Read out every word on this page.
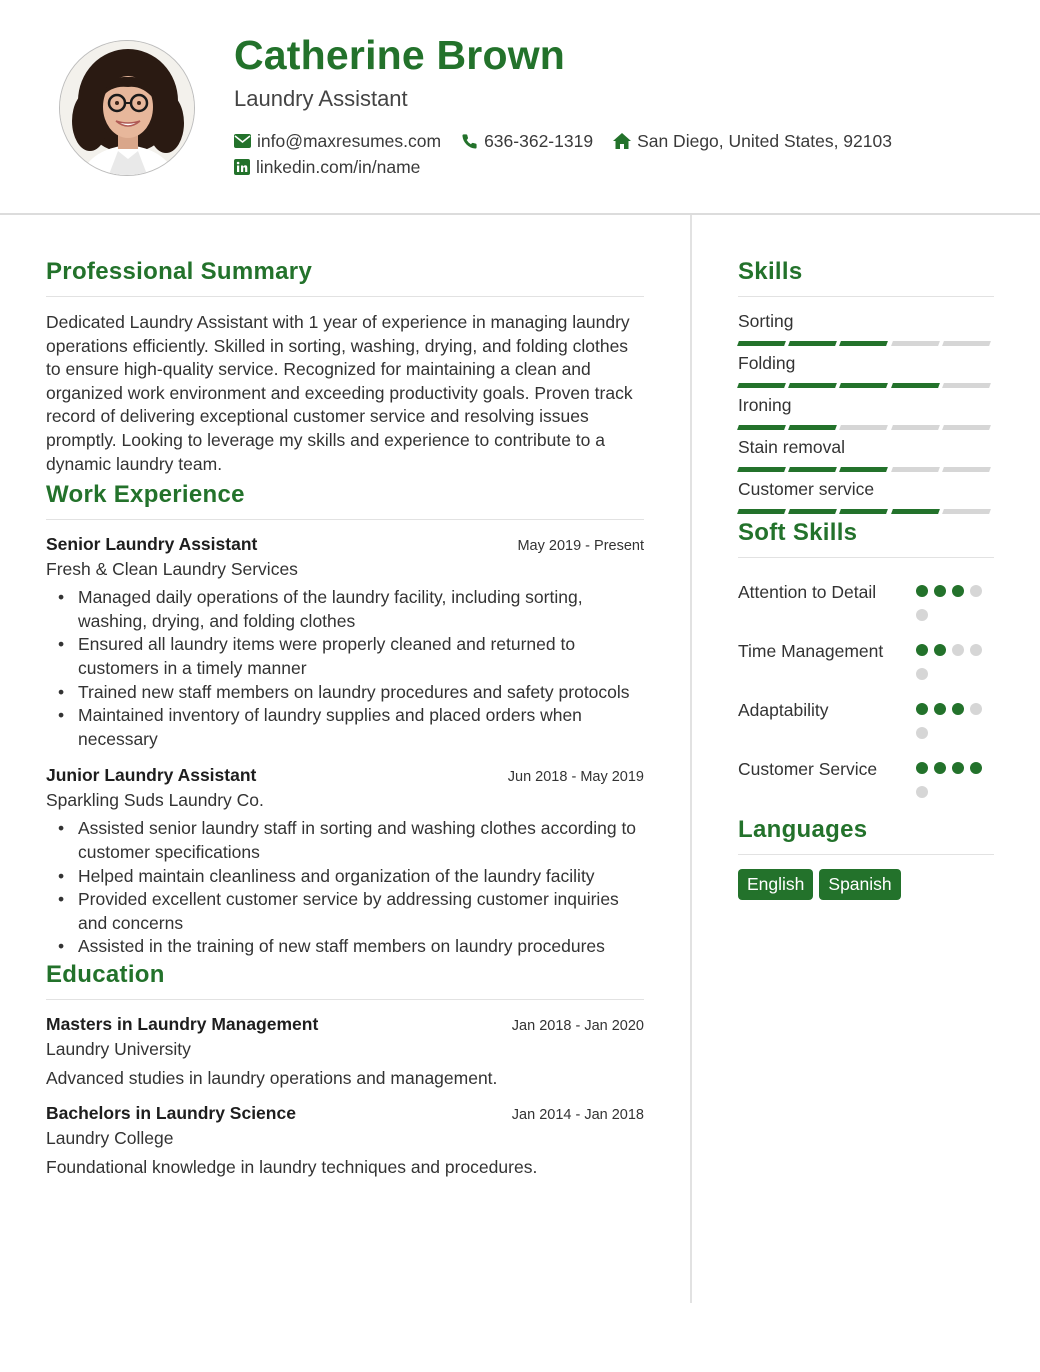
Catherine Brown
Laundry Assistant
info@maxresumes.com 636-362-1319	San Diego, United States, 92103
linkedin.com/in/name
Professional Summary

Dedicated Laundry Assistant with 1 year of experience in managing laundry operations efficiently. Skilled in sorting, washing, drying, and folding clothes to ensure high-quality service. Recognized for maintaining a clean and organized work environment and exceeding productivity goals. Proven track record of delivering exceptional customer service and resolving issues promptly. Looking to leverage my skills and experience to contribute to a dynamic laundry team.

Work Experience
Senior Laundry Assistant	May 2019 - Present
Fresh & Clean Laundry Services
• Managed daily operations of the laundry facility, including sorting, washing, drying, and folding clothes
• Ensured all laundry items were properly cleaned and returned to customers in a timely manner
• Trained new staff members on laundry procedures and safety protocols
• Maintained inventory of laundry supplies and placed orders when necessary
Junior Laundry Assistant	Jun 2018 - May 2019
Sparkling Suds Laundry Co.
• Assisted senior laundry staff in sorting and washing clothes according to customer specifications
• Helped maintain cleanliness and organization of the laundry facility
• Provided excellent customer service by addressing customer inquiries and concerns
• Assisted in the training of new staff members on laundry procedures
Education
Masters in Laundry Management	Jan 2018 - Jan 2020
Laundry University
Advanced studies in laundry operations and management.
Bachelors in Laundry Science	Jan 2014 - Jan 2018
Laundry College
Foundational knowledge in laundry techniques and procedures.
Skills
Sorting
Folding
Ironing
Stain removal
Customer service
Soft Skills
Attention to Detail
Time Management
Adaptability
Customer Service
Languages
English	Spanish
